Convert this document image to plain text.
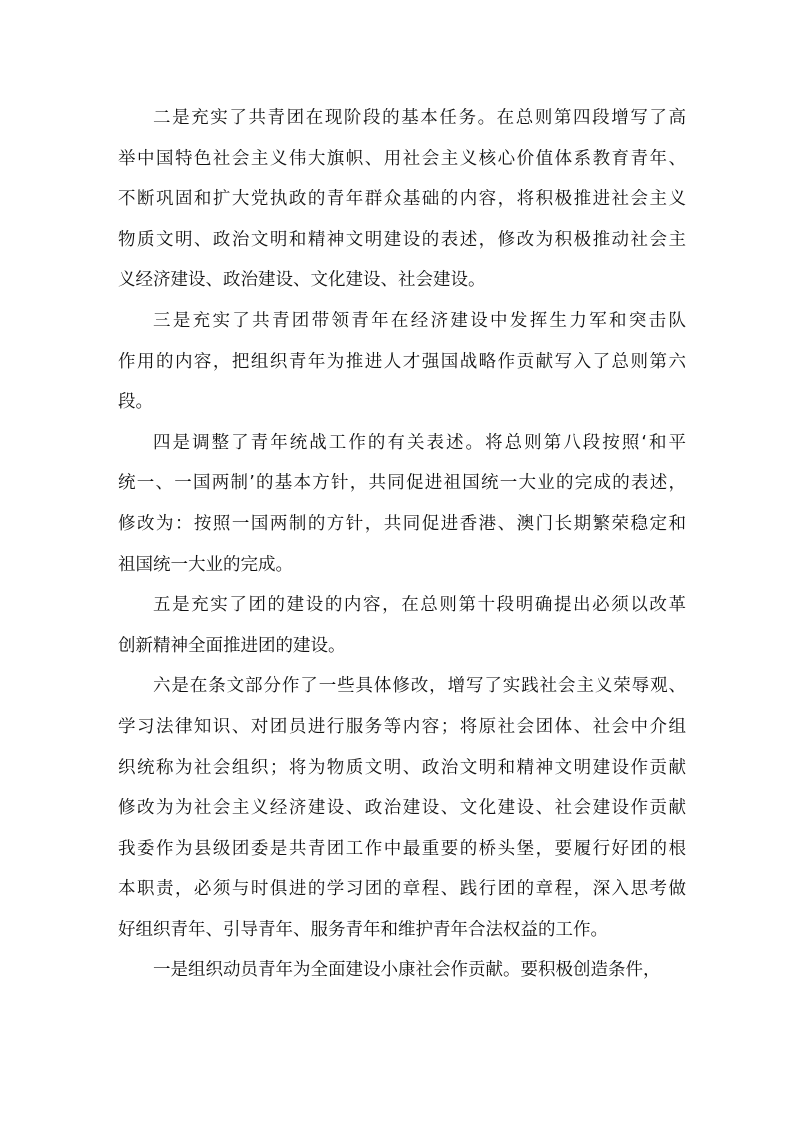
二是充实了共青团在现阶段的基本任务。在总则第四段增写了高
举中国特色社会主义伟大旗帜、用社会主义核心价值体系教育青年、
不断巩固和扩大党执政的青年群众基础的内容，将积极推进社会主义
物质文明、政治文明和精神文明建设的表述，修改为积极推动社会主
义经济建设、政治建设、文化建设、社会建设。
三是充实了共青团带领青年在经济建设中发挥生力军和突击队
作用的内容，把组织青年为推进人才强国战略作贡献写入了总则第六
段。
四是调整了青年统战工作的有关表述。将总则第八段按照‘和平
统一、一国两制’的基本方针，共同促进祖国统一大业的完成的表述，
修改为：按照一国两制的方针，共同促进香港、澳门长期繁荣稳定和
祖国统一大业的完成。
五是充实了团的建设的内容，在总则第十段明确提出必须以改革
创新精神全面推进团的建设。
六是在条文部分作了一些具体修改，增写了实践社会主义荣辱观、
学习法律知识、对团员进行服务等内容；将原社会团体、社会中介组
织统称为社会组织；将为物质文明、政治文明和精神文明建设作贡献
修改为为社会主义经济建设、政治建设、文化建设、社会建设作贡献
我委作为县级团委是共青团工作中最重要的桥头堡，要履行好团的根
本职责，必须与时俱进的学习团的章程、践行团的章程，深入思考做
好组织青年、引导青年、服务青年和维护青年合法权益的工作。
一是组织动员青年为全面建设小康社会作贡献。要积极创造条件，
